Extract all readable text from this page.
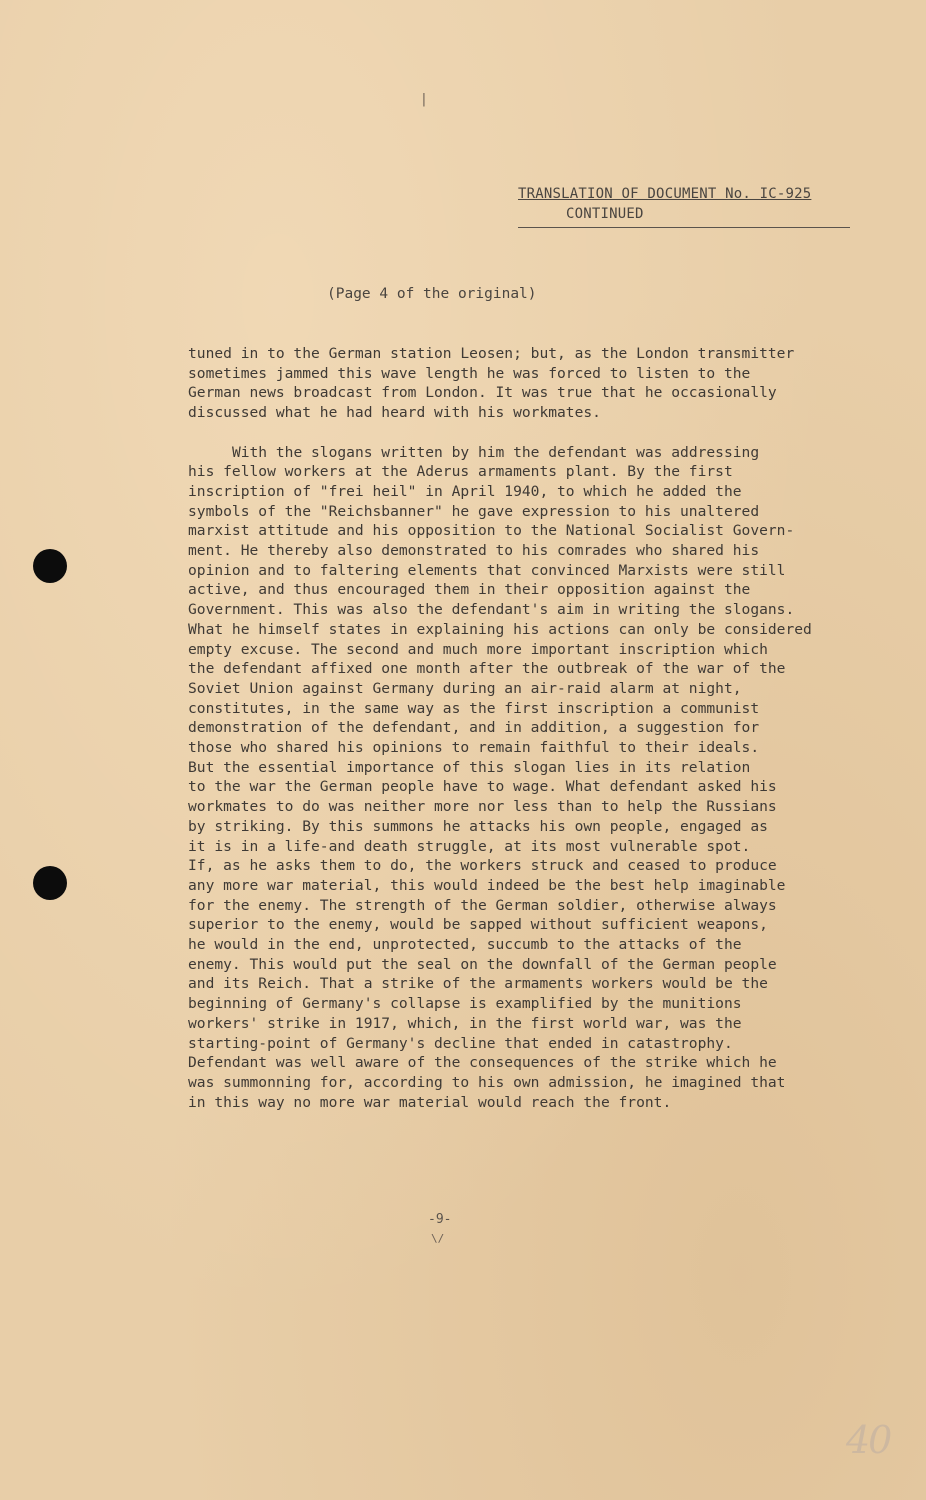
|
TRANSLATION OF DOCUMENT No. IC-925
CONTINUED
(Page 4 of the original)

tuned in to the German station Leosen; but, as the London transmitter
sometimes jammed this wave length he was forced to listen to the
German news broadcast from London. It was true that he occasionally
discussed what he had heard with his workmates.

With the slogans written by him the defendant was addressing
his fellow workers at the Aderus armaments plant. By the first
inscription of "frei heil" in April 1940, to which he added the
symbols of the "Reichsbanner" he gave expression to his unaltered
marxist attitude and his opposition to the National Socialist Govern-
ment. He thereby also demonstrated to his comrades who shared his
opinion and to faltering elements that convinced Marxists were still
active, and thus encouraged them in their opposition against the
Government. This was also the defendant's aim in writing the slogans.
What he himself states in explaining his actions can only be considered
empty excuse. The second and much more important inscription which
the defendant affixed one month after the outbreak of the war of the
Soviet Union against Germany during an air-raid alarm at night,
constitutes, in the same way as the first inscription a communist
demonstration of the defendant, and in addition, a suggestion for
those who shared his opinions to remain faithful to their ideals.
But the essential importance of this slogan lies in its relation
to the war the German people have to wage. What defendant asked his
workmates to do was neither more nor less than to help the Russians
by striking. By this summons he attacks his own people, engaged as
it is in a life-and death struggle, at its most vulnerable spot.
If, as he asks them to do, the workers struck and ceased to produce
any more war material, this would indeed be the best help imaginable
for the enemy. The strength of the German soldier, otherwise always
superior to the enemy, would be sapped without sufficient weapons,
he would in the end, unprotected, succumb to the attacks of the
enemy. This would put the seal on the downfall of the German people
and its Reich. That a strike of the armaments workers would be the
beginning of Germany's collapse is examplified by the munitions
workers' strike in 1917, which, in the first world war, was the
starting-point of Germany's decline that ended in catastrophy.
Defendant was well aware of the consequences of the strike which he
was summonning for, according to his own admission, he imagined that
in this way no more war material would reach the front.

-9-
\/
40
